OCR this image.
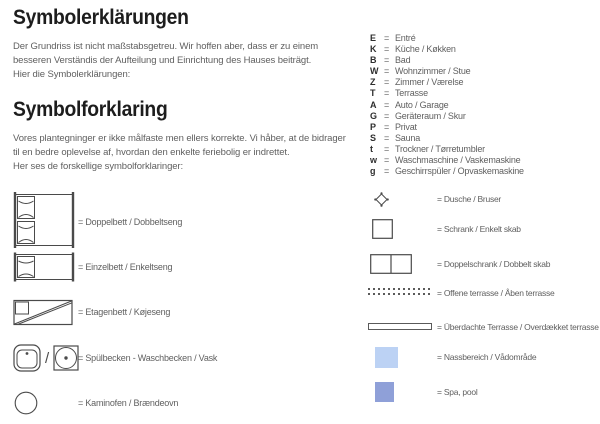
Symbolerklärungen
Der Grundriss ist nicht maßstabsgetreu. Wir hoffen aber, dass er zu einem besseren Verständis der Aufteilung und Einrichtung des Hauses beiträgt.
Hier die Symbolerklärungen:
Symbolforklaring
Vores plantegninger er ikke målfaste men ellers korrekte. Vi håber, at de bidrager til en bedre oplevelse af, hvordan den enkelte feriebolig er indrettet.
Her ses de forskellige symbolforklaringer:
= Doppelbett / Dobbeltseng
= Einzelbett / Enkeltseng
= Etagenbett / Køjeseng
/	= Spülbecken - Waschbecken / Vask
= Kaminofen / Brændeovn
E = Entré
K = Küche / Køkken
B = Bad
W = Wohnzimmer / Stue
Z = Zimmer / Værelse
T = Terrasse
A = Auto / Garage
G = Geräteraum / Skur
P = Privat
S = Sauna
t	= Trockner / Tørretumbler
w = Waschmaschine / Vaskemaskine
g = Geschirrspüler / Opvaskemaskine
= Dusche / Bruser
= Schrank / Enkelt skab
= Doppelschrank / Dobbelt skab
= Offene terrasse / Åben terrasse
= Überdachte Terrasse / Overdækket terrasse
= Nassbereich / Vådområde
= Spa, pool
